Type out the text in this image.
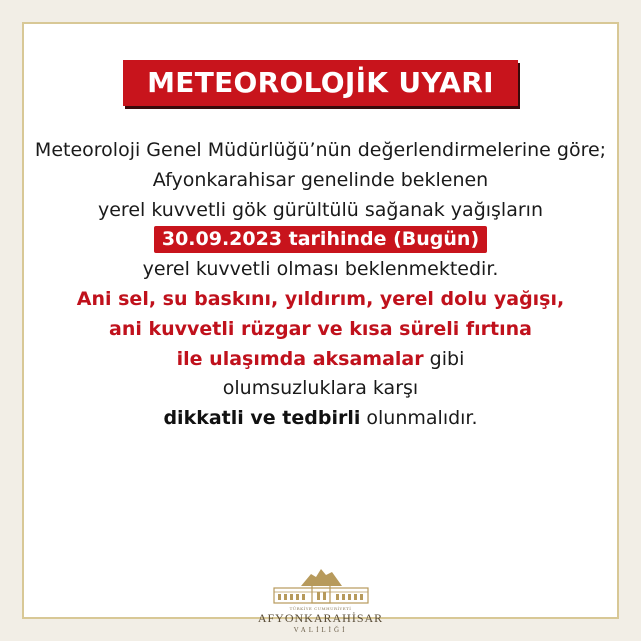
METEOROLOJİK UYARI
Meteoroloji Genel Müdürlüğü’nün değerlendirmelerine göre;
Afyonkarahisar genelinde beklenen
yerel kuvvetli gök gürültülü sağanak yağışların
30.09.2023 tarihinde (Bugün)
yerel kuvvetli olması beklenmektedir.
Ani sel, su baskını, yıldırım, yerel dolu yağışı,
ani kuvvetli rüzgar ve kısa süreli fırtına
ile ulaşımda aksamalar gibi
olumsuzluklara karşı
dikkatli ve tedbirli olunmalıdır.
TÜRKİYE CUMHURİYETİ
AFYONKARAHİSAR
VALİLİĞİ
